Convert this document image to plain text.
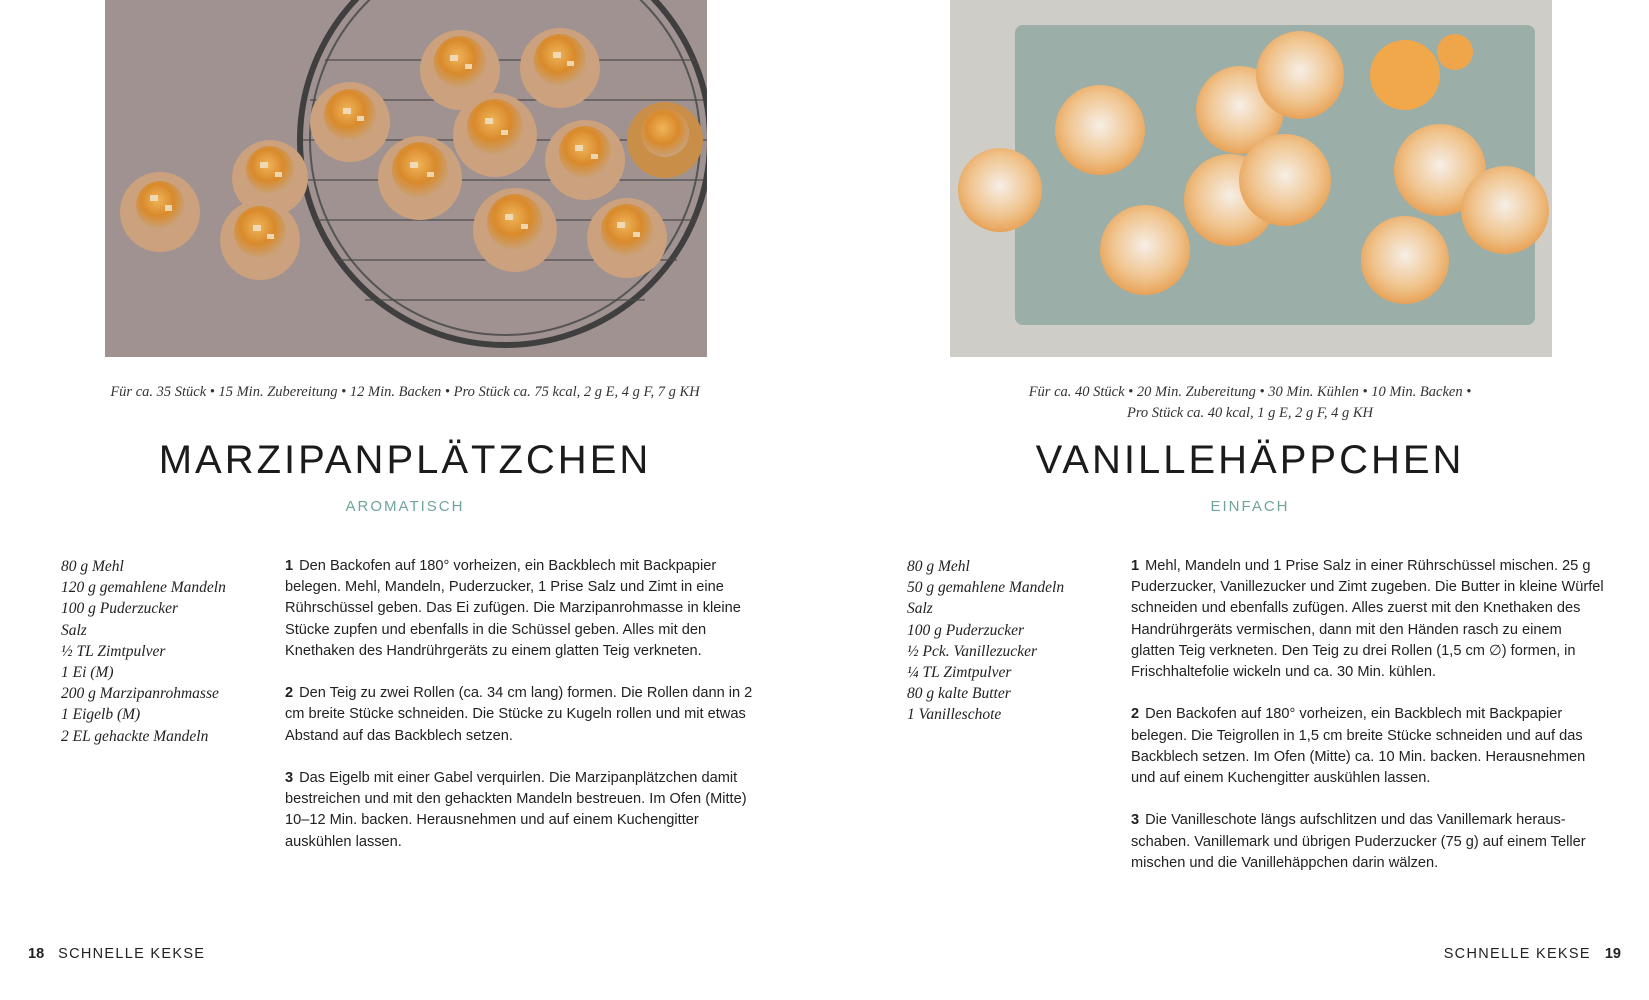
Für ca. 35 Stück • 15 Min. Zubereitung • 12 Min. Backen • Pro Stück ca. 75 kcal, 2 g E, 4 g F, 7 g KH
MARZIPANPLÄTZCHEN
AROMATISCH
80 g Mehl
120 g gemahlene Mandeln
100 g Puderzucker
Salz
½ TL Zimtpulver
1 Ei (M)
200 g Marzipanrohmasse
1 Eigelb (M)
2 EL gehackte Mandeln

1 Den Backofen auf 180° vorheizen, ein Backblech mit Backpapier belegen. Mehl, Mandeln, Puderzucker, 1 Prise Salz und Zimt in eine Rührschüssel geben. Das Ei zufügen. Die Marzipanrohmasse in kleine Stücke zupfen und ebenfalls in die Schüssel geben. Alles mit den Knethaken des Handrührgeräts zu einem glatten Teig verkneten.

2 Den Teig zu zwei Rollen (ca. 34 cm lang) formen. Die Rollen dann in 2 cm breite Stücke schneiden. Die Stücke zu Kugeln rollen und mit etwas Abstand auf das Backblech setzen.

3 Das Eigelb mit einer Gabel verquirlen. Die Marzipanplätzchen damit bestreichen und mit den gehackten Mandeln bestreuen. Im Ofen (Mitte) 10–12 Min. backen. Herausnehmen und auf einem Kuchengitter auskühlen lassen.

18 SCHNELLE KEKSE
Für ca. 40 Stück • 20 Min. Zubereitung • 30 Min. Kühlen • 10 Min. Backen •
Pro Stück ca. 40 kcal, 1 g E, 2 g F, 4 g KH
VANILLEHÄPPCHEN
EINFACH
80 g Mehl
50 g gemahlene Mandeln
Salz
100 g Puderzucker
½ Pck. Vanillezucker
¼ TL Zimtpulver
80 g kalte Butter
1 Vanilleschote

1 Mehl, Mandeln und 1 Prise Salz in einer Rührschüssel mischen. 25 g Puderzucker, Vanillezucker und Zimt zugeben. Die Butter in kleine Würfel schneiden und ebenfalls zufügen. Alles zuerst mit den Knethaken des Handrührgeräts vermischen, dann mit den Händen rasch zu einem glatten Teig verkneten. Den Teig zu drei Rollen (1,5 cm ∅) formen, in Frischhaltefolie wickeln und ca. 30 Min. kühlen.

2 Den Backofen auf 180° vorheizen, ein Backblech mit Backpapier belegen. Die Teigrollen in 1,5 cm breite Stücke schneiden und auf das Backblech setzen. Im Ofen (Mitte) ca. 10 Min. backen. Herausnehmen und auf einem Kuchengitter auskühlen lassen.

3 Die Vanilleschote längs aufschlitzen und das Vanillemark herausschaben. Vanillemark und übrigen Puderzucker (75 g) auf einem Teller mischen und die Vanillehäppchen darin wälzen.

SCHNELLE KEKSE 19
